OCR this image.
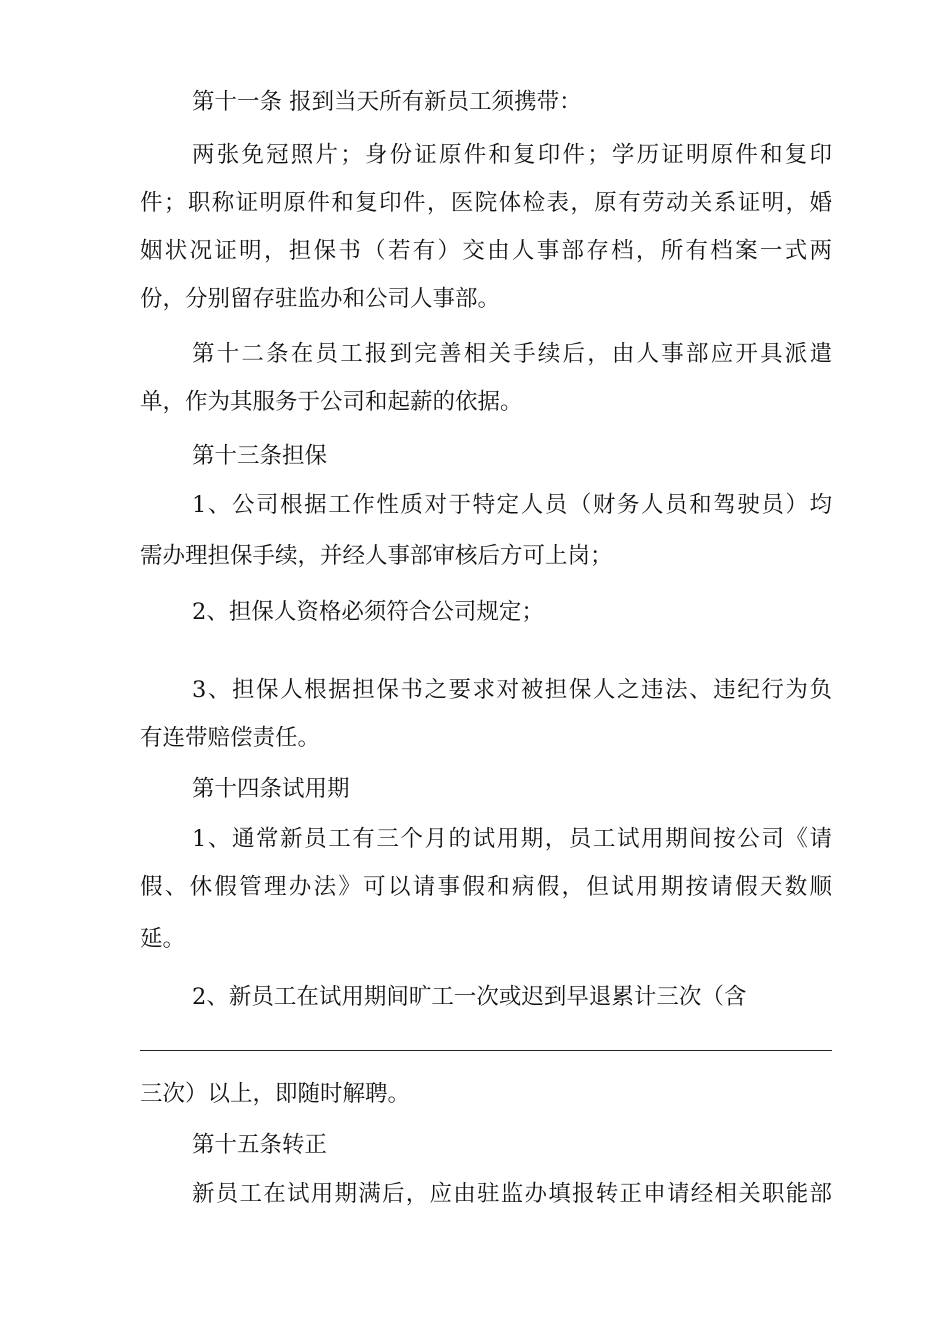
第十一条 报到当天所有新员工须携带：
两张免冠照片；身份证原件和复印件；学历证明原件和复印
件；职称证明原件和复印件，医院体检表，原有劳动关系证明，婚
姻状况证明，担保书（若有）交由人事部存档，所有档案一式两
份，分别留存驻监办和公司人事部。
第十二条在员工报到完善相关手续后，由人事部应开具派遣
单，作为其服务于公司和起薪的依据。
第十三条担保
1、公司根据工作性质对于特定人员（财务人员和驾驶员）均
需办理担保手续，并经人事部审核后方可上岗；
2、担保人资格必须符合公司规定；
3、担保人根据担保书之要求对被担保人之违法、违纪行为负
有连带赔偿责任。
第十四条试用期
1、通常新员工有三个月的试用期，员工试用期间按公司《请
假、休假管理办法》可以请事假和病假，但试用期按请假天数顺
延。
2、新员工在试用期间旷工一次或迟到早退累计三次（含
三次）以上，即随时解聘。
第十五条转正
新员工在试用期满后，应由驻监办填报转正申请经相关职能部
